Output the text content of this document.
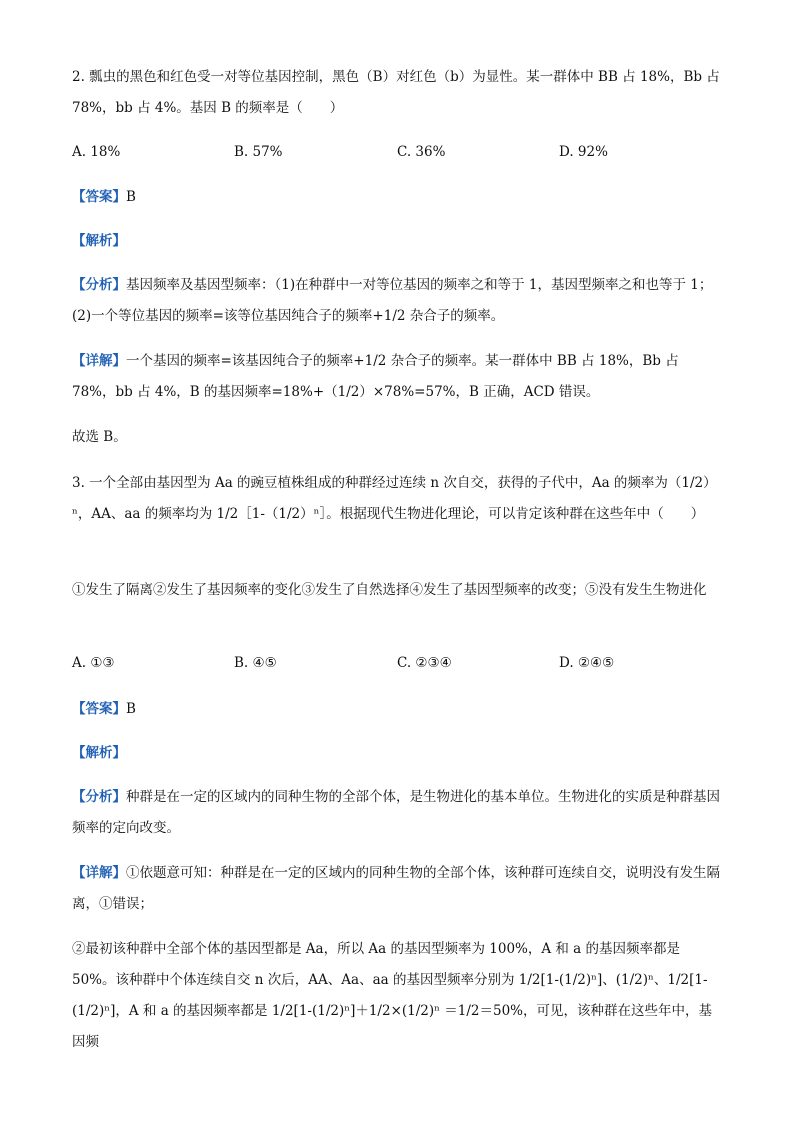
2. 瓢虫的黑色和红色受一对等位基因控制，黑色（B）对红色（b）为显性。某一群体中 BB 占 18%，Bb 占 78%，bb 占 4%。基因 B 的频率是（　　）

A. 18%	B. 57%	C. 36%	D. 92%

【答案】B

【解析】

【分析】基因频率及基因型频率：（1)在种群中一对等位基因的频率之和等于 1，基因型频率之和也等于 1；(2)一个等位基因的频率=该等位基因纯合子的频率+1/2 杂合子的频率。

【详解】一个基因的频率=该基因纯合子的频率+1/2 杂合子的频率。某一群体中 BB 占 18%，Bb 占 78%，bb 占 4%，B 的基因频率=18%+（1/2）×78%=57%，B 正确，ACD 错误。

故选 B。

3. 一个全部由基因型为 Aa 的豌豆植株组成的种群经过连续 n 次自交，获得的子代中，Aa 的频率为（1/2）ⁿ，AA、aa 的频率均为 1/2［1-（1/2）ⁿ］。根据现代生物进化理论，可以肯定该种群在这些年中（　　）

①发生了隔离②发生了基因频率的变化③发生了自然选择④发生了基因型频率的改变；⑤没有发生生物进化

A. ①③	B. ④⑤	C. ②③④	D. ②④⑤

【答案】B

【解析】

【分析】种群是在一定的区域内的同种生物的全部个体，是生物进化的基本单位。生物进化的实质是种群基因频率的定向改变。

【详解】①依题意可知：种群是在一定的区域内的同种生物的全部个体，该种群可连续自交，说明没有发生隔离，①错误；

②最初该种群中全部个体的基因型都是 Aa，所以 Aa 的基因型频率为 100%，A 和 a 的基因频率都是 50%。该种群中个体连续自交 n 次后，AA、Aa、aa 的基因型频率分别为 1/2[1-(1/2)ⁿ]、(1/2)ⁿ、1/2[1-(1/2)ⁿ]，A 和 a 的基因频率都是 1/2[1-(1/2)ⁿ]＋1/2×(1/2)ⁿ ＝1/2＝50%，可见，该种群在这些年中，基因频
